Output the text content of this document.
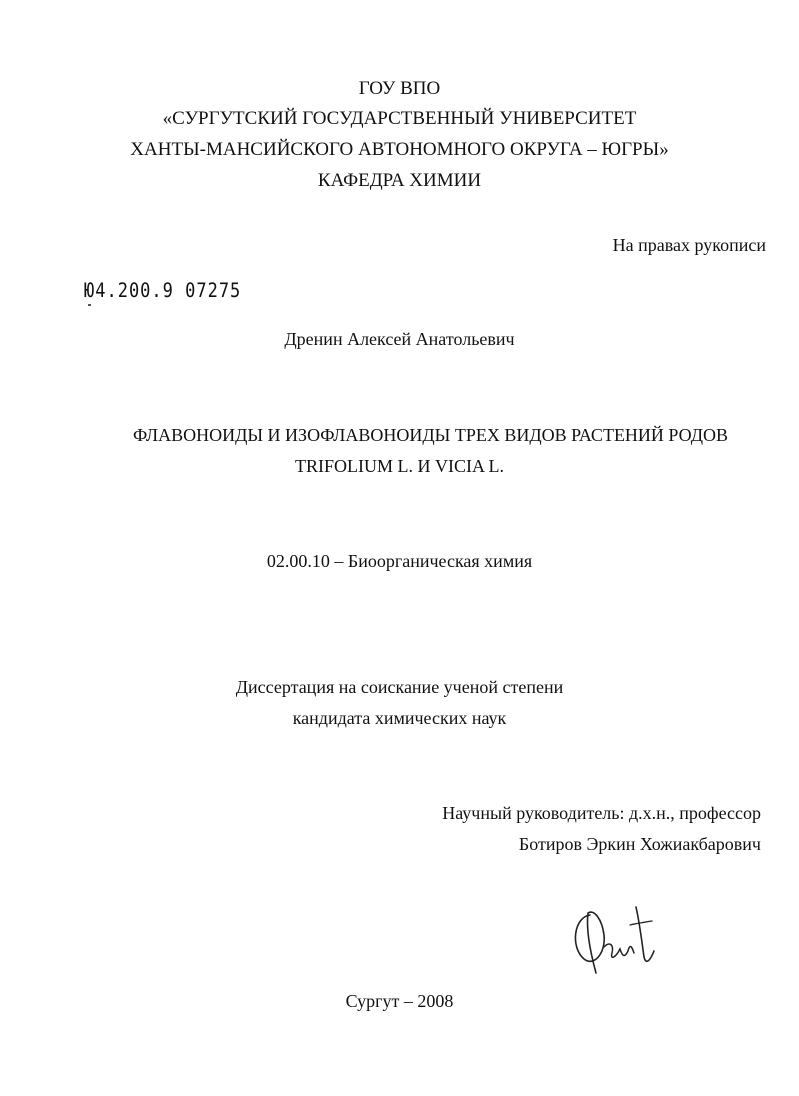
ГОУ ВПО
«СУРГУТСКИЙ ГОСУДАРСТВЕННЫЙ УНИВЕРСИТЕТ
ХАНТЫ-МАНСИЙСКОГО АВТОНОМНОГО ОКРУГА – ЮГРЫ»
КАФЕДРА ХИМИИ
На правах рукописи
Ю4.200.9 07275
Дренин Алексей Анатольевич
ФЛАВОНОИДЫ И ИЗОФЛАВОНОИДЫ ТРЕХ ВИДОВ РАСТЕНИЙ РОДОВ
TRIFOLIUM L. И VICIA L.
02.00.10 – Биоорганическая химия
Диссертация на соискание ученой степени
кандидата химических наук
Научный руководитель: д.х.н., профессор
Ботиров Эркин Хожиакбарович
Сургут – 2008
